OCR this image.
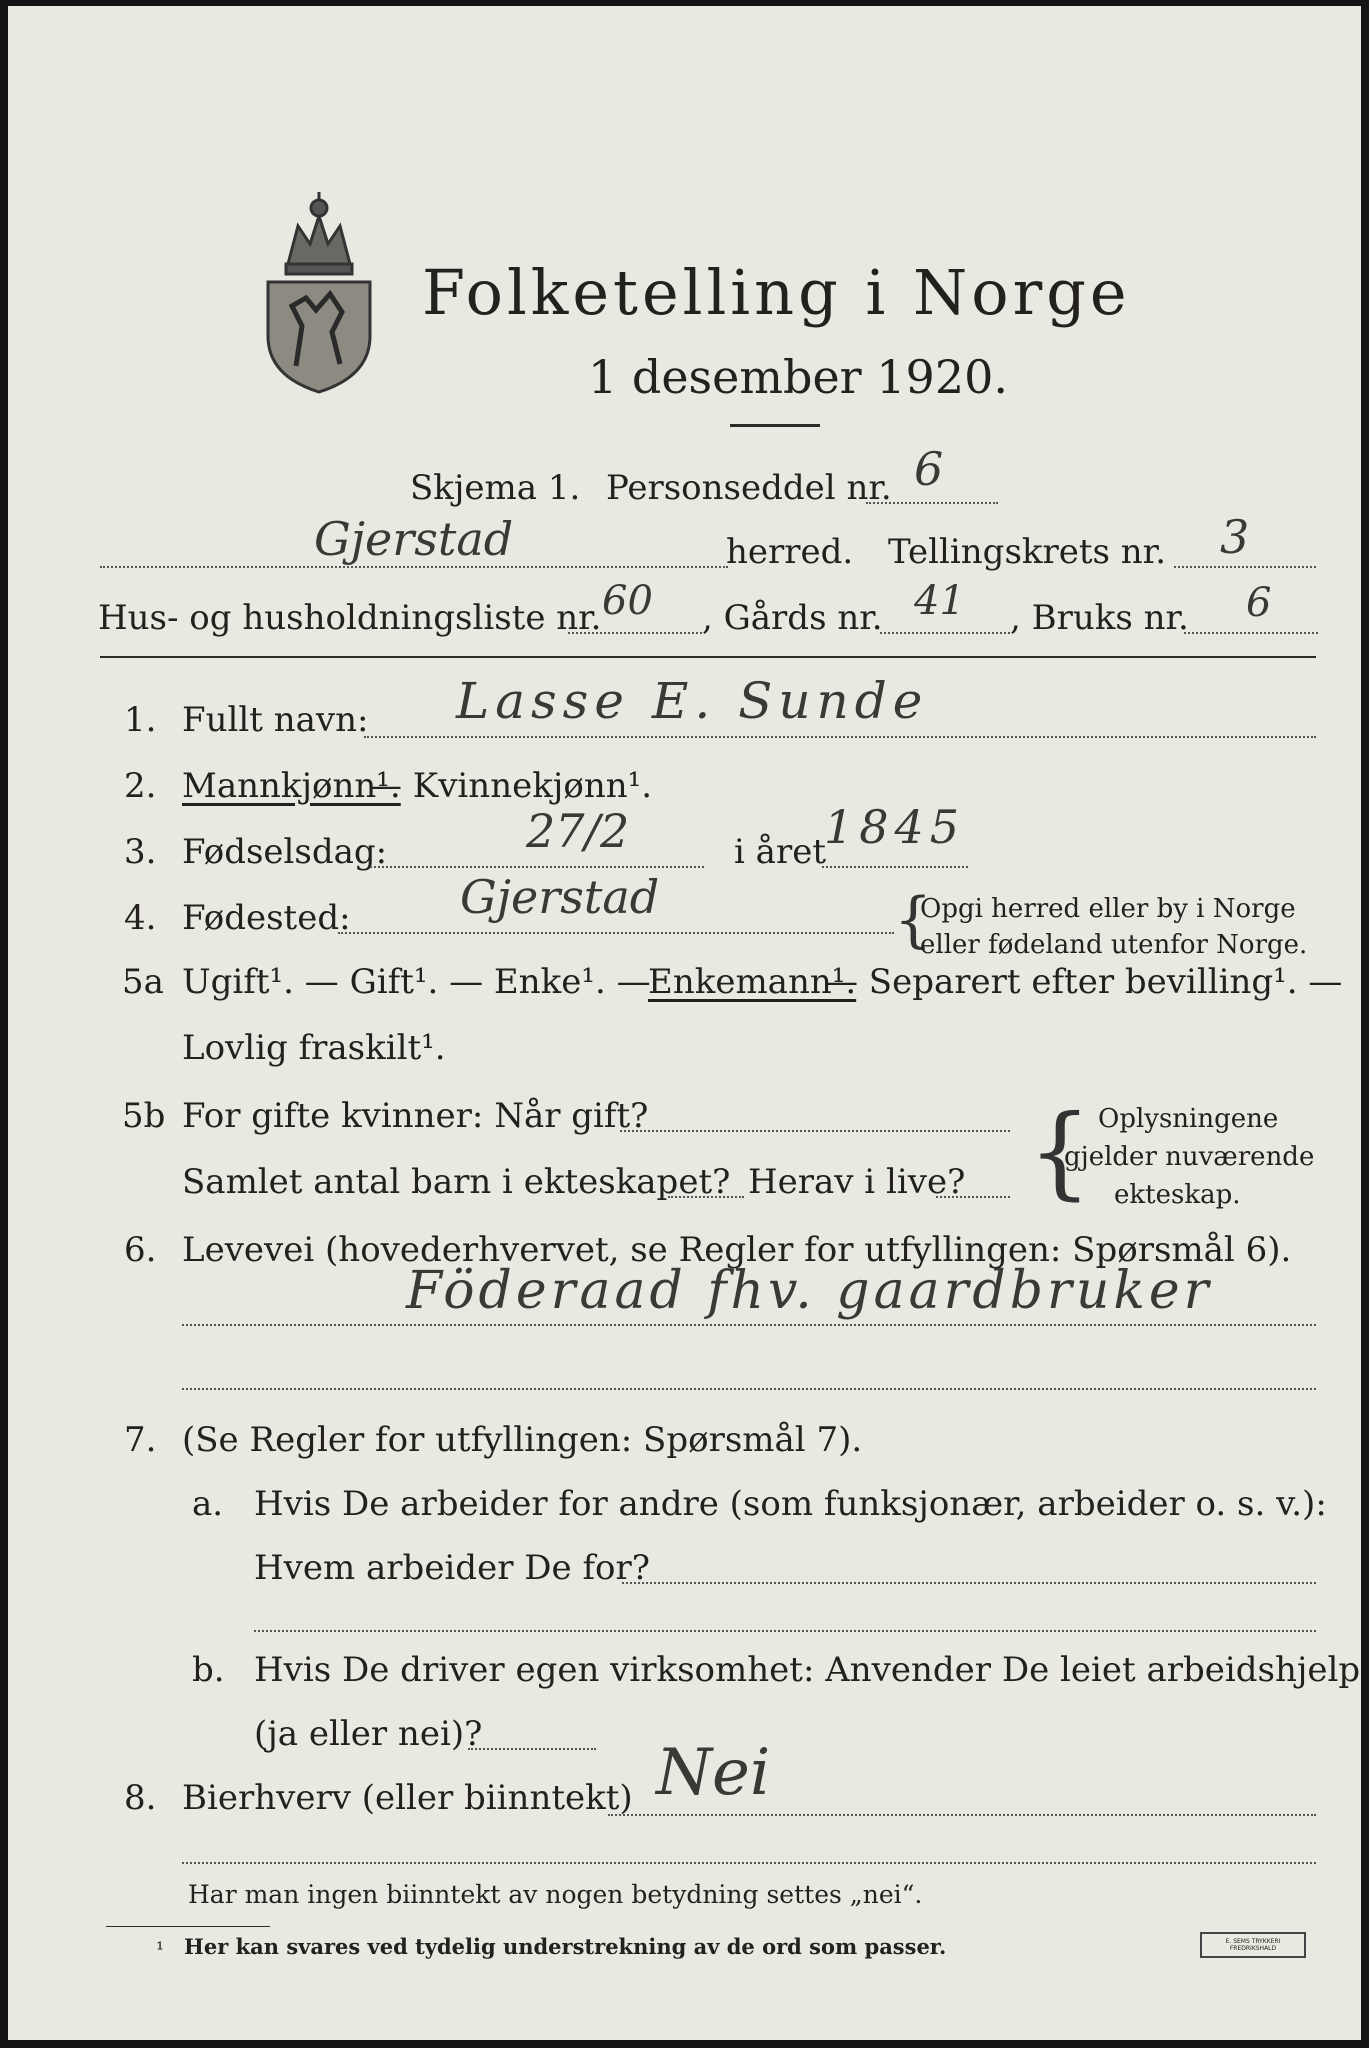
Folketelling i Norge
1 desember 1920.
Skjema 1. Personseddel nr. 6
Gjerstad	herred. Tellingskrets nr. 3
Hus- og husholdningsliste nr. 60 , Gårds nr. 41 , Bruks nr. 6
1. Fullt navn: Lasse E. Sunde
2. Mannkjønn¹.
— Kvinnekjønn¹.
3. Fødselsdag:	27/2	i året
1845
4. Fødested: Gjerstad	{
Opgi herred eller by i Norge
eller fødeland utenfor Norge.
5a Ugift¹. — Gift¹. — Enke¹. —
Enkemann¹.
— Separert efter bevilling¹. —
Lovlig fraskilt¹.
5b For gifte kvinner: Når gift?
Samlet antal barn i ekteskapet? Herav i live? { Oplysningene
gjelder nuværende
ekteskap.
6. Levevei (hovederhvervet, se Regler for utfyllingen: Spørsmål 6).
Föderaad fhv. gaardbruker
7. (Se Regler for utfyllingen: Spørsmål 7).
a. Hvis De arbeider for andre (som funksjonær, arbeider o. s. v.):
Hvem arbeider De for?
b. Hvis De driver egen virksomhet: Anvender De leiet arbeidshjelp
(ja eller nei)?
8. Bierhverv (eller biinntekt) Nei
Har man ingen biinntekt av nogen betydning settes „nei“.
¹ Her kan svares ved tydelig understrekning av de ord som passer.	E. SEMS TRYKKERI FREDRIKSHALD
